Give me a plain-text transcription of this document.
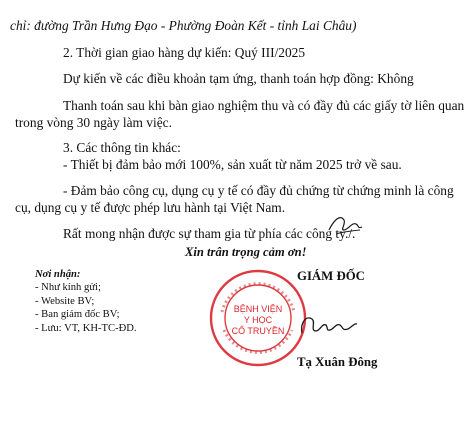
chỉ: đường Trần Hưng Đạo - Phường Đoàn Kết - tỉnh Lai Châu)
2. Thời gian giao hàng dự kiến: Quý III/2025
Dự kiến về các điều khoản tạm ứng, thanh toán hợp đồng: Không
Thanh toán sau khi bàn giao nghiệm thu và có đầy đủ các giấy tờ liên quan
trong vòng 30 ngày làm việc.
3. Các thông tin khác:
- Thiết bị đảm bảo mới 100%, sản xuất từ năm 2025 trở về sau.
- Đảm bảo công cụ, dụng cụ y tế có đầy đủ chứng từ chứng minh là công
cụ, dụng cụ y tế được phép lưu hành tại Việt Nam.
Rất mong nhận được sự tham gia từ phía các công ty./.
Xin trân trọng cảm ơn!
Nơi nhận:
- Như kính gửi;
- Website BV;
- Ban giám đốc BV;
- Lưu: VT, KH-TC-ĐD.
GIÁM ĐỐC
BỆNH VIỆN
Y HỌC
CỔ TRUYỀN
Tạ Xuân Đông
